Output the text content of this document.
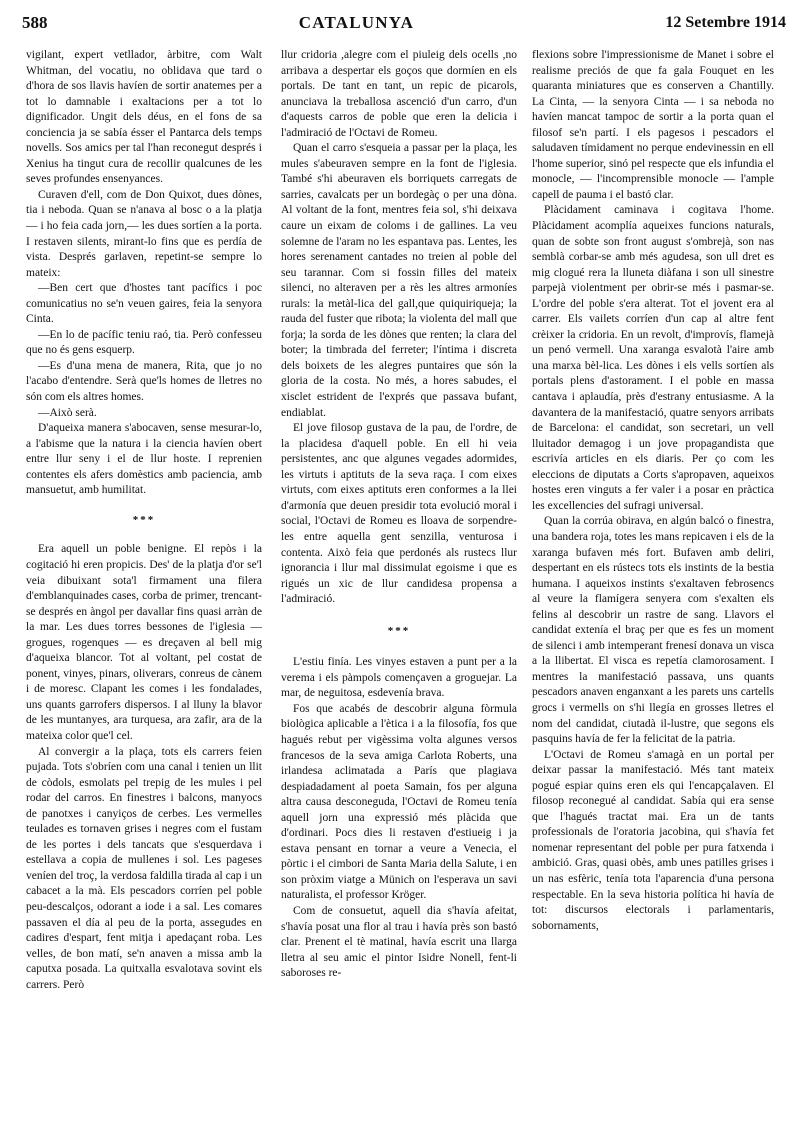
588	CATALUNYA	12 Setembre 1914

vigilant, expert vetllador, àrbitre, com Walt Whitman, del vocatiu, no oblidava que tard o d'hora de sos llavis havíen de sortir anatemes per a tot lo damnable i exaltacions per a tot lo dignificador. Ungit dels déus, en el fons de sa conciencia ja se sabía ésser el Pantarca dels temps novells. Sos amics per tal l'han reconegut després i Xenius ha tingut cura de recollir qualcunes de les seves profundes ensenyances.

Curaven d'ell, com de Don Quixot, dues dònes, tia i neboda. Quan se n'anava al bosc o a la platja — i ho feia cada jorn,— les dues sortíen a la porta. I restaven silents, mirant-lo fins que es perdía de vista. Després garlaven, repetint-se sempre lo mateix:

—Ben cert que d'hostes tant pacífics i poc comunicatius no se'n veuen gaires, feia la senyora Cinta.

—En lo de pacífic teniu raó, tia. Però confesseu que no és gens esquerp.

—Es d'una mena de manera, Rita, que jo no l'acabo d'entendre. Serà que'ls homes de lletres no són com els altres homes.

—Això serà.

D'aqueixa manera s'abocaven, sense mesurar-lo, a l'abisme que la natura i la ciencia havíen obert entre llur seny i el de llur hoste. I reprenien contentes els afers domèstics amb paciencia, amb mansuetut, amb humilitat.

***

Era aquell un poble benigne. El repòs i la cogitació hi eren propicis. Des' de la platja d'or se'l veia dibuixant sota'l firmament una filera d'emblanquinades cases, corba de primer, trencant-se després en àngol per davallar fins quasi arràn de la mar. Les dues torres bessones de l'iglesia — grogues, rogenques — es dreçaven al bell mig d'aqueixa blancor. Tot al voltant, pel costat de ponent, vinyes, pinars, oliverars, conreus de cànem i de moresc. Clapant les comes i les fondalades, uns quants garrofers dispersos. I al lluny la blavor de les muntanyes, ara turquesa, ara zafir, ara de la mateixa color que'l cel.

Al convergir a la plaça, tots els carrers feien pujada. Tots s'obríen com una canal i tenien un llit de còdols, esmolats pel trepig de les mules i pel rodar del carros. En finestres i balcons, manyocs de panotxes i canyiços de cerbes. Les vermelles teulades es tornaven grises i negres com el fustam de les portes i dels tancats que s'esquerdava i estellava a copia de mullenes i sol. Les pageses veníen del troç, la verdosa faldilla tirada al cap i un cabacet a la mà. Els pescadors corríen pel poble peu-descalços, odorant a iode i a sal. Les comares passaven el día al peu de la porta, assegudes en cadires d'espart, fent mitja i apedaçant roba. Les velles, de bon matí, se'n anaven a missa amb la caputxa posada. La quitxalla esvalotava sovint els carrers. Però

llur cridoria ,alegre com el piuleig dels ocells ,no arribava a despertar els goços que dormíen en els portals. De tant en tant, un repic de picarols, anunciava la treballosa ascenció d'un carro, d'un d'aquests carros de poble que eren la delicia i l'admiració de l'Octavi de Romeu.

Quan el carro s'esqueia a passar per la plaça, les mules s'abeuraven sempre en la font de l'iglesia. També s'hi abeuraven els borriquets carregats de sarries, cavalcats per un bordegàç o per una dòna. Al voltant de la font, mentres feia sol, s'hi deixava caure un eixam de coloms i de gallines. La veu solemne de l'aram no les espantava pas. Lentes, les hores serenament cantades no treien al poble del seu tarannar. Com si fossin filles del mateix silenci, no alteraven per a rès les altres armoníes rurals: la metàl-lica del gall,que quiquiriqueja; la rauda del fuster que ribota; la violenta del mall que forja; la sorda de les dònes que renten; la clara del boter; la timbrada del ferreter; l'íntima i discreta dels boixets de les alegres puntaires que són la gloria de la costa. No més, a hores sabudes, el xisclet estrident de l'exprés que passava bufant, endiablat.

El jove filosop gustava de la pau, de l'ordre, de la placidesa d'aquell poble. En ell hi veia persistentes, anc que algunes vegades adormides, les virtuts i aptituts de la seva raça. I com eixes virtuts, com eixes aptituts eren conformes a la llei d'armonía que deuen presidir tota evolució moral i social, l'Octavi de Romeu es lloava de sorpendre-les entre aquella gent senzilla, venturosa i contenta. Això feia que perdonés als rustecs llur ignorancia i llur mal dissimulat egoisme i que es rigués un xic de llur candidesa propensa a l'admiració.

***

L'estiu finía. Les vinyes estaven a punt per a la verema i els pàmpols començaven a groguejar. La mar, de neguitosa, esdevenía brava.

Fos que acabés de descobrir alguna fòrmula biològica aplicable a l'ètica i a la filosofía, fos que hagués rebut per vigèssima volta algunes versos francesos de la seva amiga Carlota Roberts, una irlandesa aclimatada a París que plagiava despiadadament al poeta Samain, fos per alguna altra causa desconeguda, l'Octavi de Romeu tenía aquell jorn una expressió més plàcida que d'ordinari. Pocs dies li restaven d'estiueig i ja estava pensant en tornar a veure a Venecia, el pòrtic i el cimbori de Santa Maria della Salute, i en son pròxim viatge a Münich on l'esperava un savi naturalista, el professor Kröger.

Com de consuetut, aquell dia s'havía afeitat, s'havía posat una flor al trau i havía près son bastó clar. Prenent el tè matinal, havía escrit una llarga lletra al seu amic el pintor Isidre Nonell, fent-li saboroses re-

flexions sobre l'impressionisme de Manet i sobre el realisme preciós de que fa gala Fouquet en les quaranta miniatures que es conserven a Chantilly. La Cinta, — la senyora Cinta — i sa neboda no havíen mancat tampoc de sortir a la porta quan el filosof se'n partí. I els pagesos i pescadors el saludaven tímidament no perque endevinessin en ell l'home superior, sinó pel respecte que els infundia el monocle, — l'incomprensible monocle — l'ample capell de pauma i el bastó clar.

Plàcidament caminava i cogitava l'home. Plàcidament acomplía aqueixes funcions naturals, quan de sobte son front august s'ombrejà, son nas semblà corbar-se amb més agudesa, son ull dret es mig clogué rera la lluneta diàfana i son ull sinestre parpejà violentment per obrir-se més i pasmar-se. L'ordre del poble s'era alterat. Tot el jovent era al carrer. Els vailets corríen d'un cap al altre fent crèixer la cridoria. En un revolt, d'improvís, flamejà un penó vermell. Una xaranga esvalotà l'aire amb una marxa bèl-lica. Les dònes i els vells sortíen als portals plens d'astorament. I el poble en massa cantava i aplaudía, près d'estrany entusiasme. A la davantera de la manifestació, quatre senyors arribats de Barcelona: el candidat, son secretari, un vell lluitador demagog i un jove propagandista que escrivía articles en els diaris. Per ço com les eleccions de diputats a Corts s'apropaven, aqueixos hostes eren vinguts a fer valer i a posar en pràctica les excellencies del sufragi universal.

Quan la corrúa obirava, en algún balcó o finestra, una bandera roja, totes les mans repicaven i els de la xaranga bufaven més fort. Bufaven amb deliri, despertant en els rústecs tots els instints de la bestia humana. I aqueixos instints s'exaltaven febrosencs al veure la flamígera senyera com s'exalten els felins al descobrir un rastre de sang. Llavors el candidat extenía el braç per que es fes un moment de silenci i amb intemperant frenesí donava un visca a la llibertat. El visca es repetía clamorosament. I mentres la manifestació passava, uns quants pescadors anaven enganxant a les parets uns cartells grocs i vermells on s'hi llegía en grosses lletres el nom del candidat, ciutadà il-lustre, que segons els pasquins havía de fer la felicitat de la patria.

L'Octavi de Romeu s'amagà en un portal per deixar passar la manifestació. Més tant mateix pogué espiar quins eren els qui l'encapçalaven. El filosop reconegué al candidat. Sabía qui era sense que l'hagués tractat mai. Era un de tants professionals de l'oratoria jacobina, qui s'havía fet nomenar representant del poble per pura fatxenda i ambició. Gras, quasi obès, amb unes patilles grises i un nas esfèric, tenía tota l'aparencia d'una persona respectable. En la seva historia política hi havía de tot: discursos electorals i parlamentaris, sobornaments,
